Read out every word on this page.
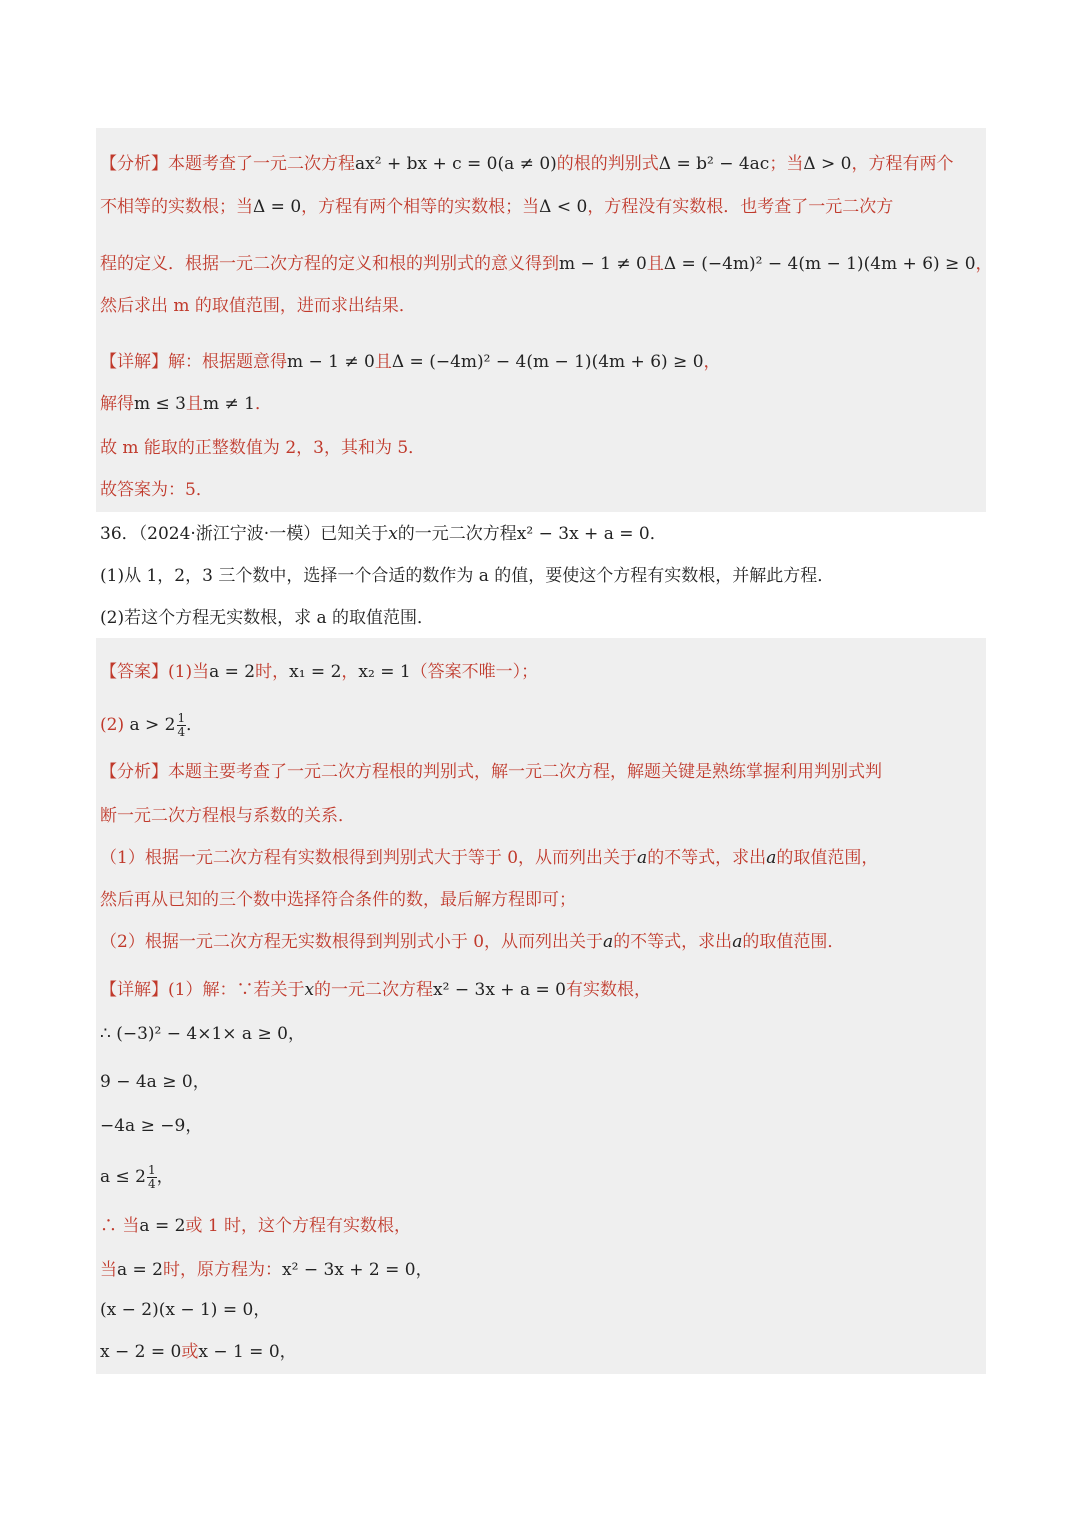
【分析】本题考查了一元二次方程ax² + bx + c = 0(a ≠ 0)的根的判别式Δ = b² − 4ac；当Δ > 0，方程有两个
不相等的实数根；当Δ = 0，方程有两个相等的实数根；当Δ < 0，方程没有实数根．也考查了一元二次方
程的定义．根据一元二次方程的定义和根的判别式的意义得到m − 1 ≠ 0且Δ = (−4m)² − 4(m − 1)(4m + 6) ≥ 0，
然后求出 m 的取值范围，进而求出结果．
【详解】解：根据题意得m − 1 ≠ 0且Δ = (−4m)² − 4(m − 1)(4m + 6) ≥ 0，
解得m ≤ 3且m ≠ 1．
故 m 能取的正整数值为 2，3，其和为 5．
故答案为：5．
36．（2024·浙江宁波·一模）已知关于x的一元二次方程x² − 3x + a = 0．
(1)从 1，2，3 三个数中，选择一个合适的数作为 a 的值，要使这个方程有实数根，并解此方程．
(2)若这个方程无实数根，求 a 的取值范围．
【答案】(1)当a = 2时，x₁ = 2，x₂ = 1（答案不唯一）；
(2) $a > 2 \frac{1}{4}$ ．
【分析】本题主要考查了一元二次方程根的判别式，解一元二次方程，解题关键是熟练掌握利用判别式判
断一元二次方程根与系数的关系．
（1）根据一元二次方程有实数根得到判别式大于等于 0，从而列出关于a的不等式，求出a的取值范围，
然后再从已知的三个数中选择符合条件的数，最后解方程即可；
（2）根据一元二次方程无实数根得到判别式小于 0，从而列出关于a的不等式，求出a的取值范围．
【详解】(1）解：∵若关于x的一元二次方程x² − 3x + a = 0有实数根，
∴ (−3)² − 4×1× a ≥ 0，
9 − 4a ≥ 0，
−4a ≥ −9，
$a \le 2 \frac{1}{4}$ ，
∴ 当a = 2或 1 时，这个方程有实数根，
当a = 2时，原方程为：x² − 3x + 2 = 0，
(x − 2)(x − 1) = 0，
x − 2 = 0或x − 1 = 0，
